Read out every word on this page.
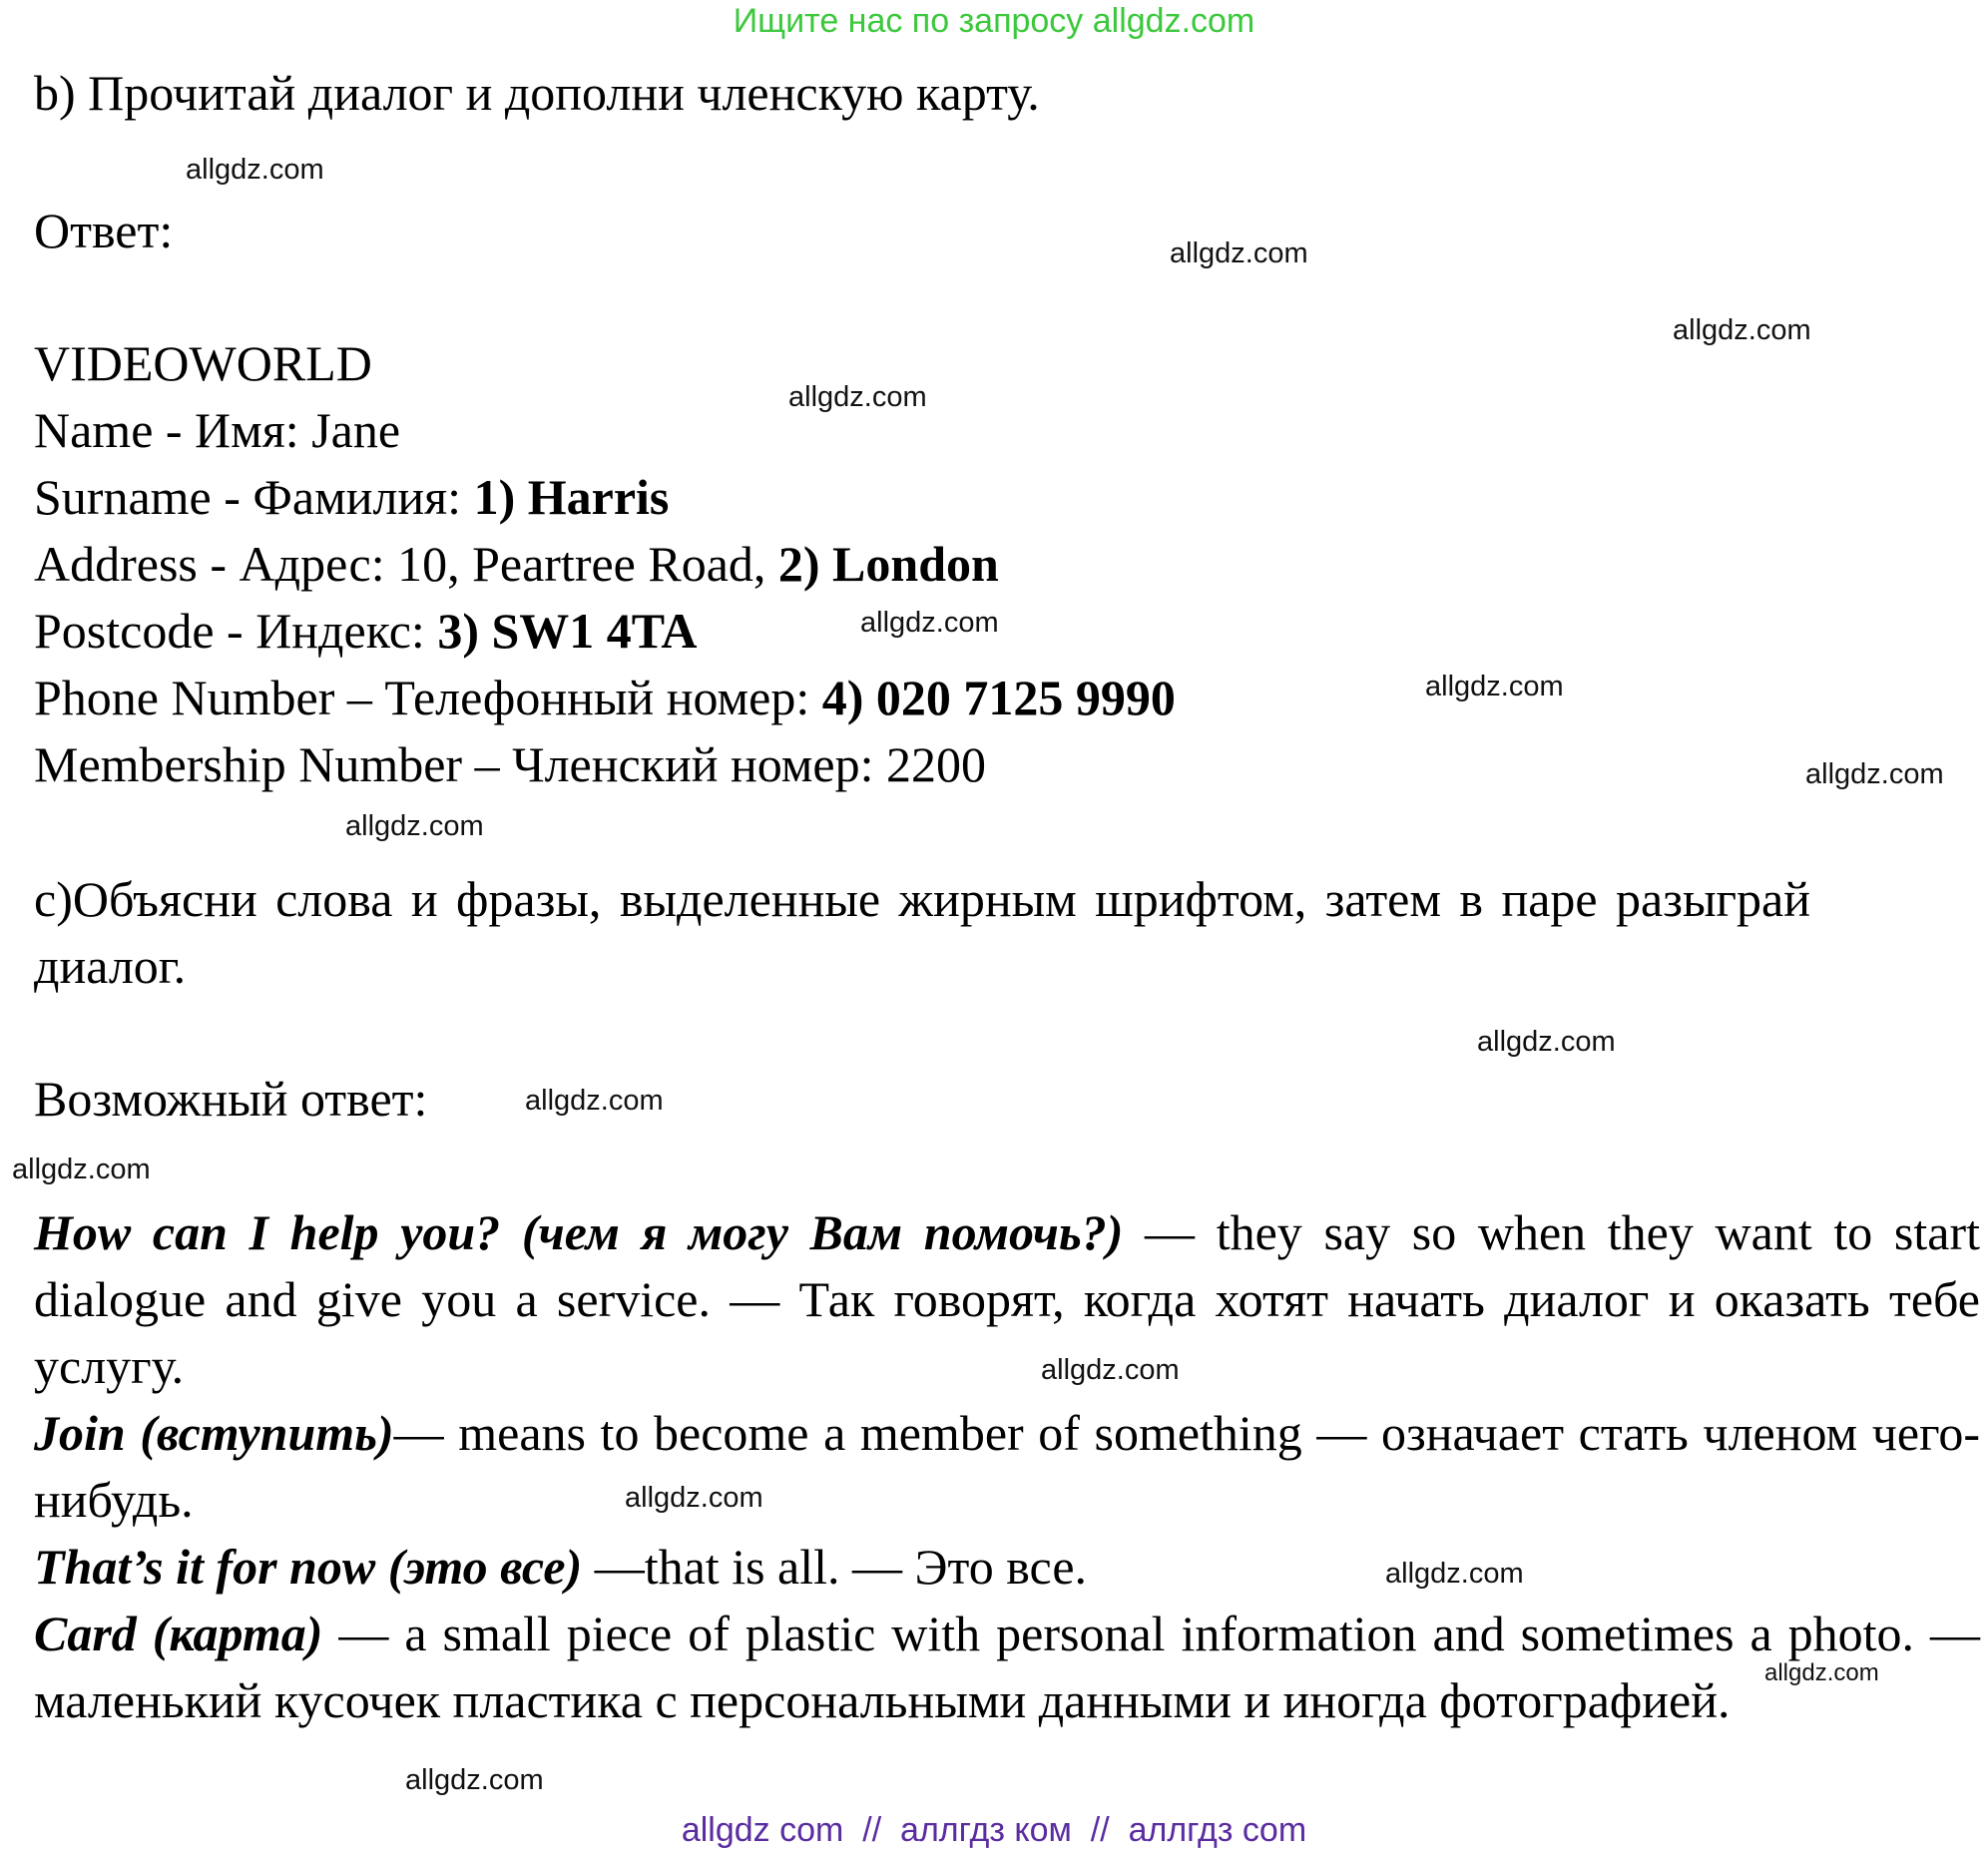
Ищите нас по запросу allgdz.com
b) Прочитай диалог и дополни членскую карту.
Ответ:
VIDEOWORLD
Name - Имя: Jane
Surname - Фамилия: 1) Harris
Address - Адрес: 10, Peartree Road, 2) London
Postcode - Индекс: 3) SW1 4TA
Phone Number – Телефонный номер: 4) 020 7125 9990
Membership Number – Членский номер: 2200
с)Объясни слова и фразы, выделенные жирным шрифтом, затем в паре разыграй диалог.
Возможный ответ:
How can I help you? (чем я могу Вам помочь?) — they say so when they want to start dialogue and give you a service. — Так говорят, когда хотят начать диалог и оказать тебе услугу.
Join (вступить)— means to become a member of something — означает стать членом чего-нибудь.
That’s it for now (это все) —that is all. — Это все.
Card (карта) — a small piece of plastic with personal information and sometimes a photo. — маленький кусочек пластика с персональными данными и иногда фотографией.
allgdz.com
allgdz.com
allgdz.com
allgdz.com
allgdz.com
allgdz.com
allgdz.com
allgdz.com
allgdz.com
allgdz.com
allgdz.com
allgdz.com
allgdz.com
allgdz.com
allgdz.com
allgdz.com
allgdz com  //  аллгдз ком  //  аллгдз com
